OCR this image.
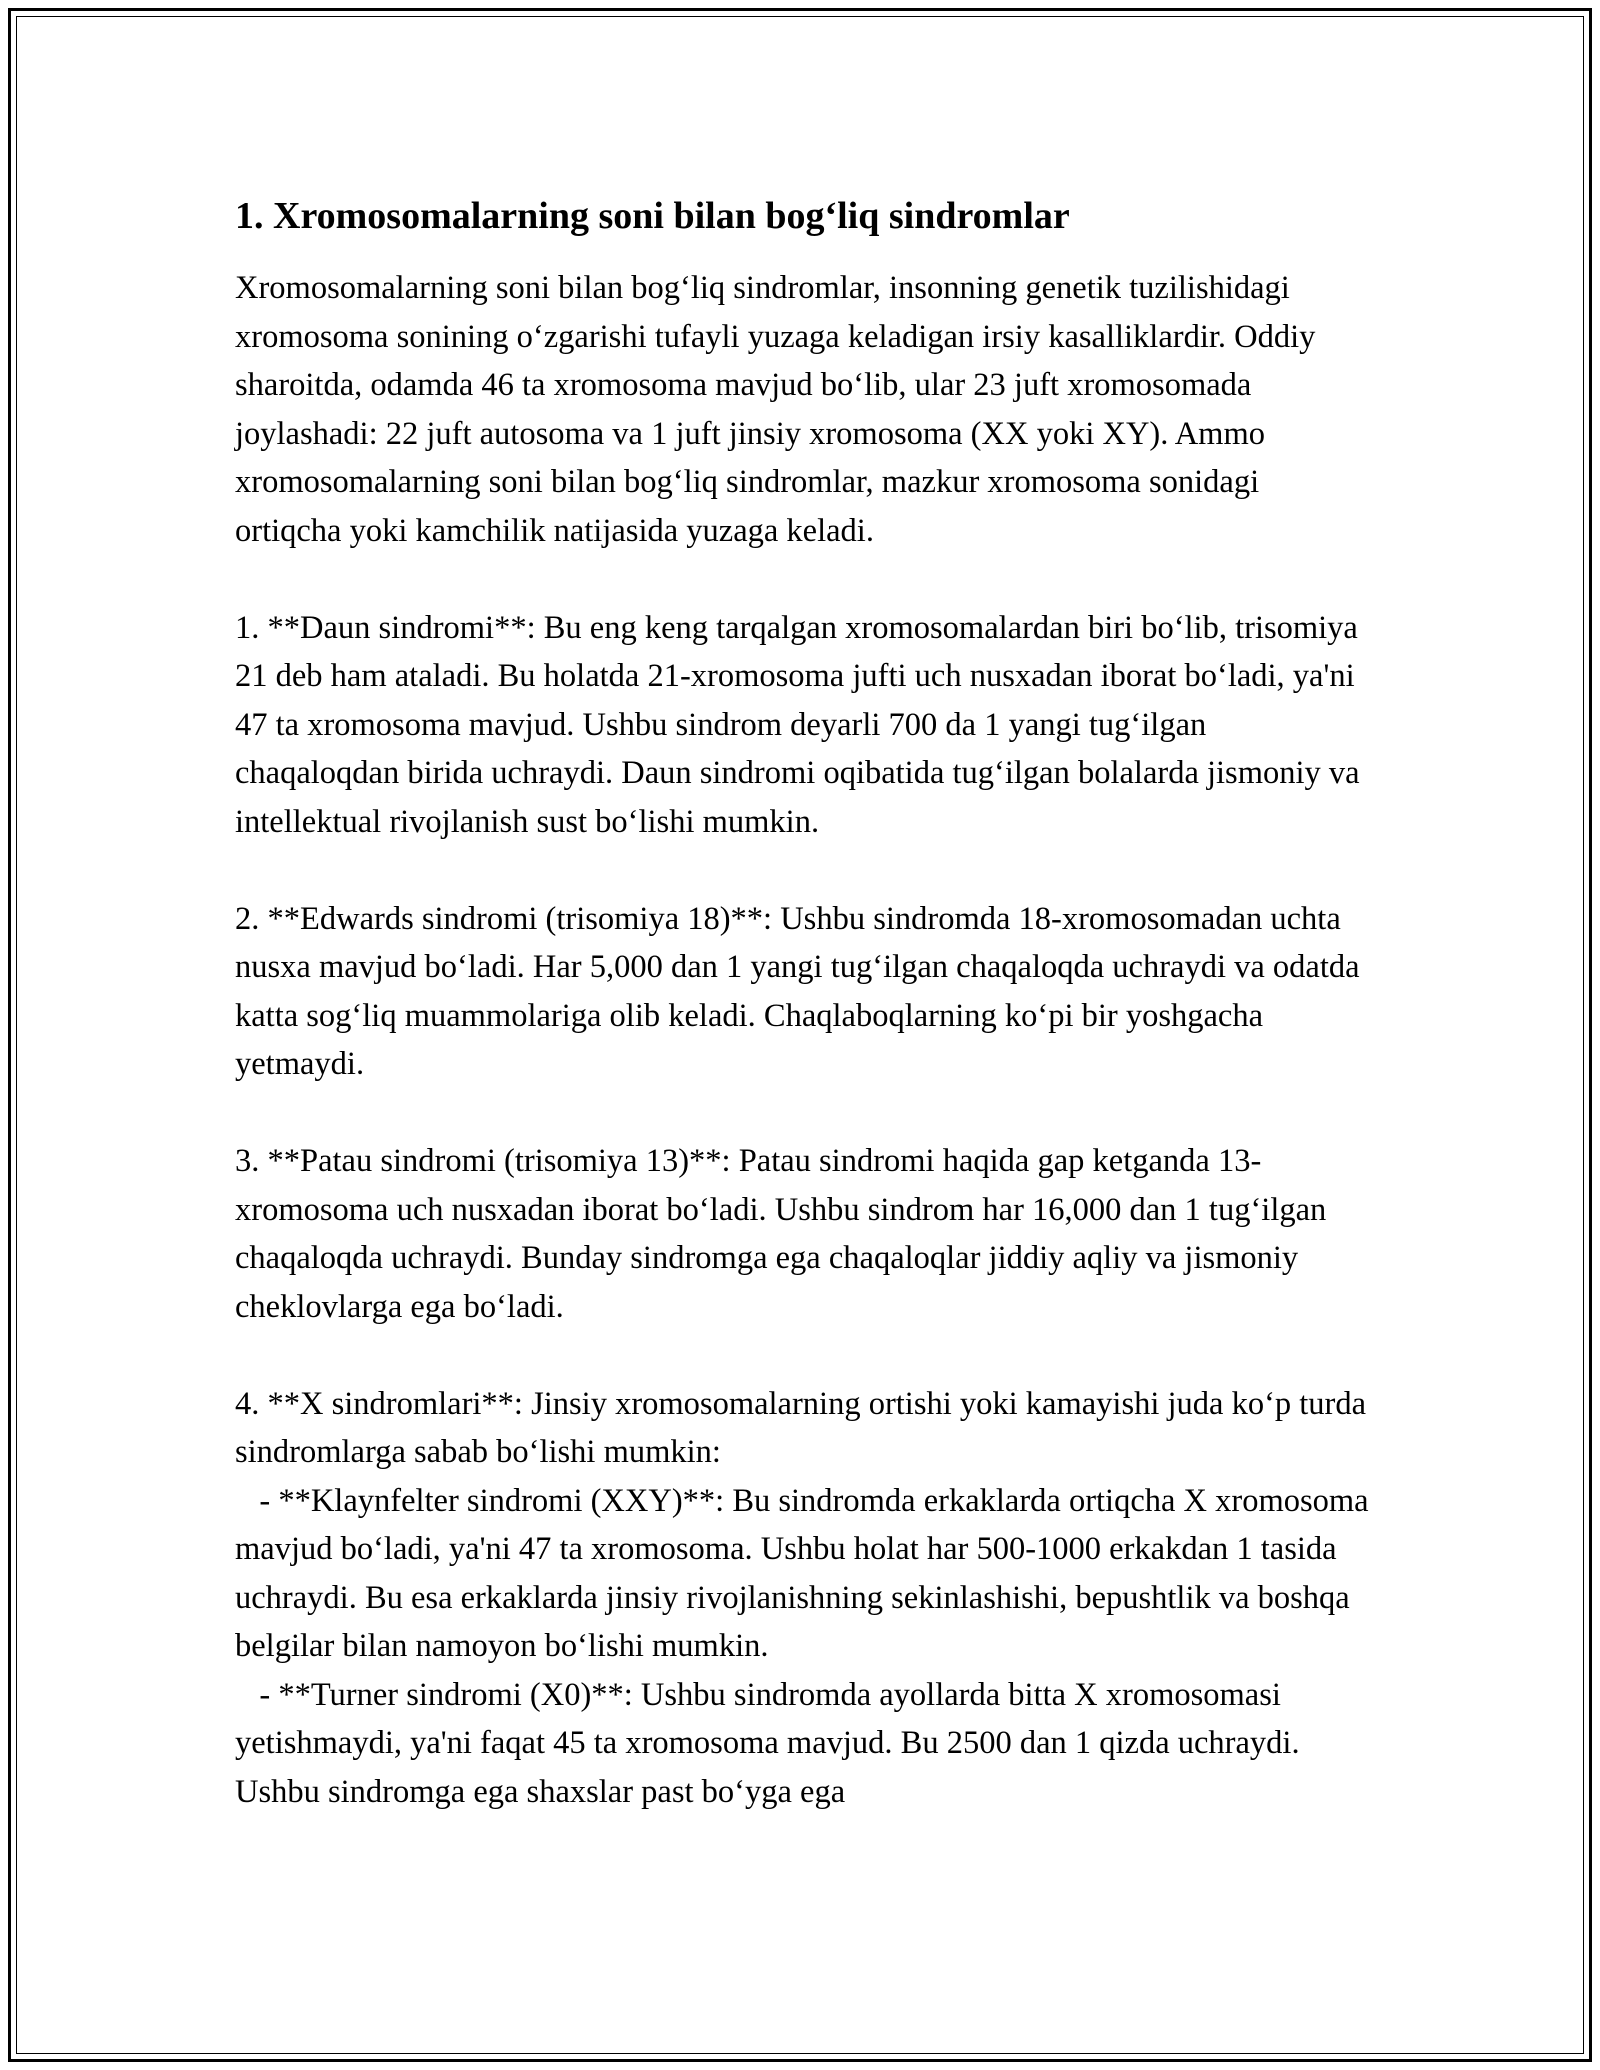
1. Xromosomalarning soni bilan bog‘liq sindromlar

Xromosomalarning soni bilan bog‘liq sindromlar, insonning genetik tuzilishidagi xromosoma sonining o‘zgarishi tufayli yuzaga keladigan irsiy kasalliklardir. Oddiy sharoitda, odamda 46 ta xromosoma mavjud bo‘lib, ular 23 juft xromosomada joylashadi: 22 juft autosoma va 1 juft jinsiy xromosoma (XX yoki XY). Ammo xromosomalarning soni bilan bog‘liq sindromlar, mazkur xromosoma sonidagi ortiqcha yoki kamchilik natijasida yuzaga keladi.

1. **Daun sindromi**: Bu eng keng tarqalgan xromosomalardan biri bo‘lib, trisomiya 21 deb ham ataladi. Bu holatda 21-xromosoma jufti uch nusxadan iborat bo‘ladi, ya'ni 47 ta xromosoma mavjud. Ushbu sindrom deyarli 700 da 1 yangi tug‘ilgan chaqaloqdan birida uchraydi. Daun sindromi oqibatida tug‘ilgan bolalarda jismoniy va intellektual rivojlanish sust bo‘lishi mumkin.

2. **Edwards sindromi (trisomiya 18)**: Ushbu sindromda 18-xromosomadan uchta nusxa mavjud bo‘ladi. Har 5,000 dan 1 yangi tug‘ilgan chaqaloqda uchraydi va odatda katta sog‘liq muammolariga olib keladi. Chaqlaboqlarning ko‘pi bir yoshgacha yetmaydi.

3. **Patau sindromi (trisomiya 13)**: Patau sindromi haqida gap ketganda 13-xromosoma uch nusxadan iborat bo‘ladi. Ushbu sindrom har 16,000 dan 1 tug‘ilgan chaqaloqda uchraydi. Bunday sindromga ega chaqaloqlar jiddiy aqliy va jismoniy cheklovlarga ega bo‘ladi.

4. **X sindromlari**: Jinsiy xromosomalarning ortishi yoki kamayishi juda ko‘p turda sindromlarga sabab bo‘lishi mumkin:
- **Klaynfelter sindromi (XXY)**: Bu sindromda erkaklarda ortiqcha X xromosoma mavjud bo‘ladi, ya'ni 47 ta xromosoma. Ushbu holat har 500-1000 erkakdan 1 tasida uchraydi. Bu esa erkaklarda jinsiy rivojlanishning sekinlashishi, bepushtlik va boshqa belgilar bilan namoyon bo‘lishi mumkin.
- **Turner sindromi (X0)**: Ushbu sindromda ayollarda bitta X xromosomasi yetishmaydi, ya'ni faqat 45 ta xromosoma mavjud. Bu 2500 dan 1 qizda uchraydi. Ushbu sindromga ega shaxslar past bo‘yga ega
